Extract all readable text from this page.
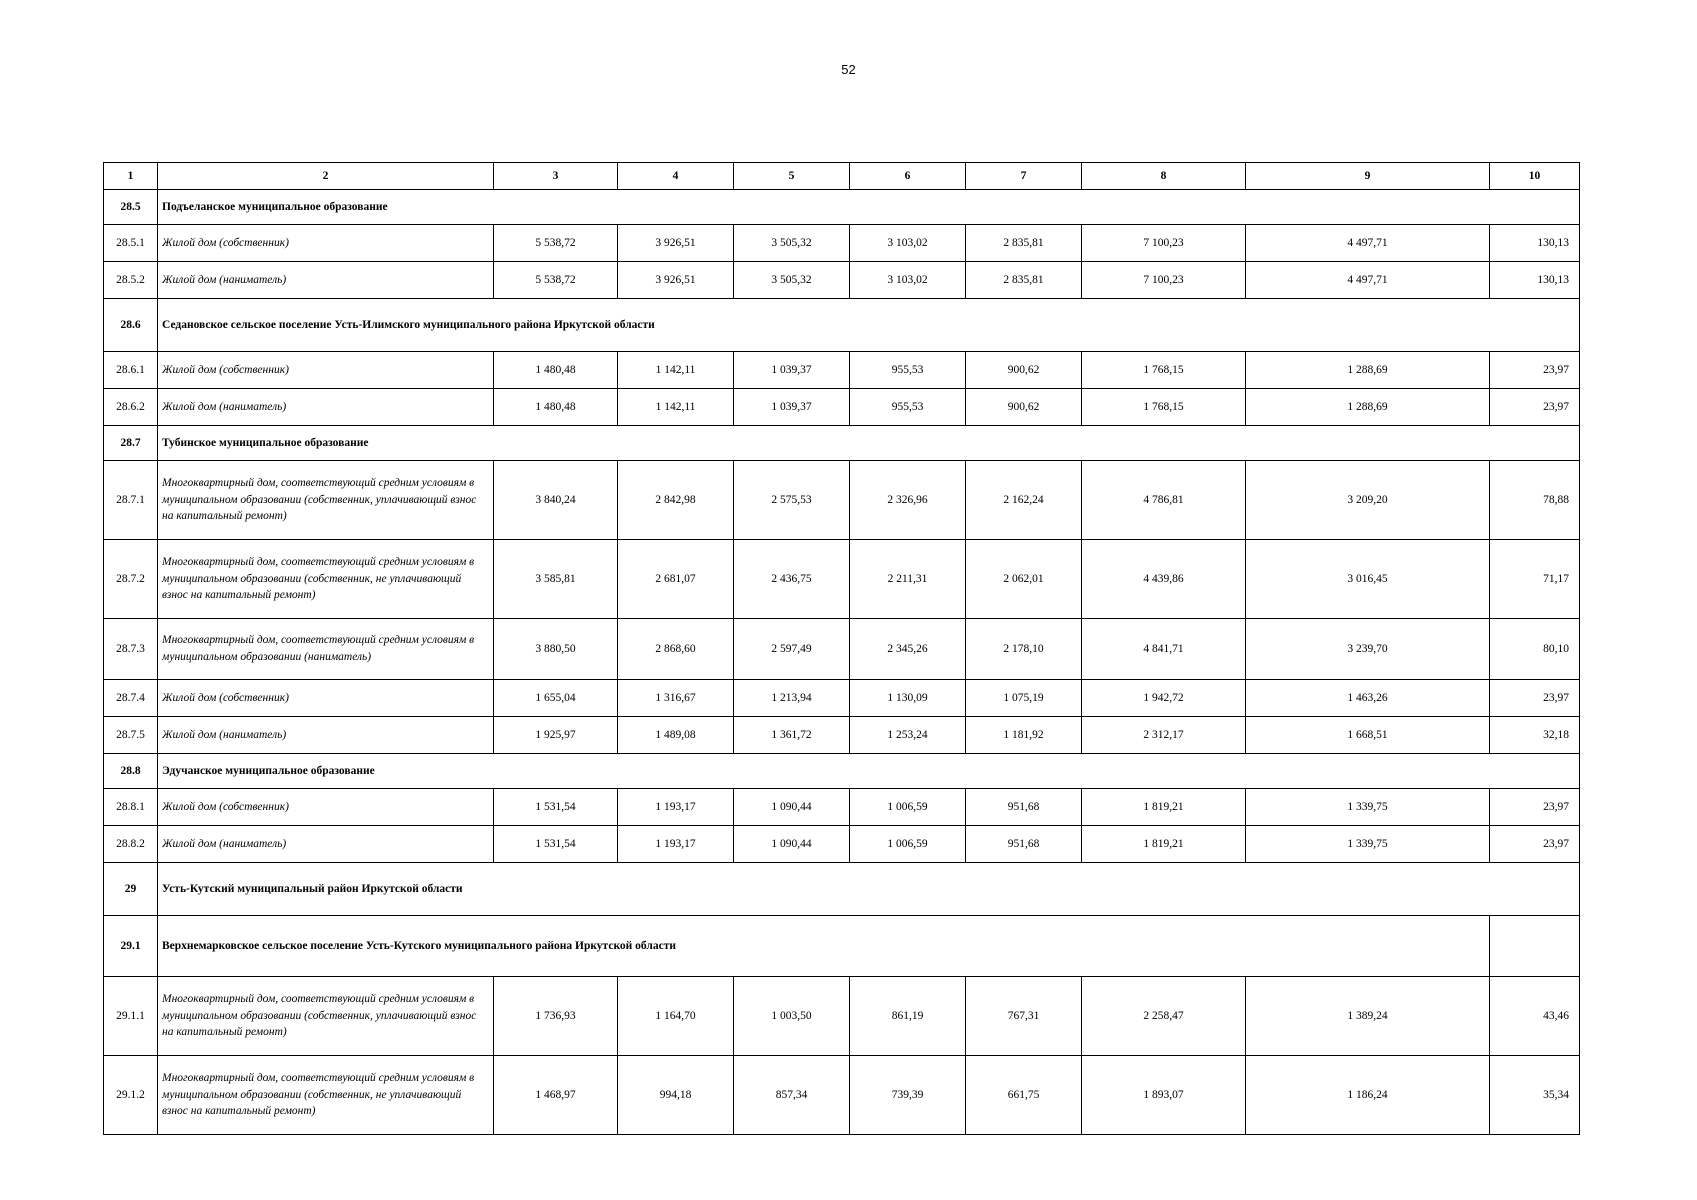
52
1	2	3	4	5	6	7	8	9	10
28.5	Подъеланское муниципальное образование								
28.5.1	Жилой дом (собственник)	5 538,72	3 926,51	3 505,32	3 103,02	2 835,81	7 100,23	4 497,71	130,13
28.5.2	Жилой дом (наниматель)	5 538,72	3 926,51	3 505,32	3 103,02	2 835,81	7 100,23	4 497,71	130,13
28.6	Седановское сельское поселение Усть-Илимского муниципального района Иркутской области								
28.6.1	Жилой дом (собственник)	1 480,48	1 142,11	1 039,37	955,53	900,62	1 768,15	1 288,69	23,97
28.6.2	Жилой дом (наниматель)	1 480,48	1 142,11	1 039,37	955,53	900,62	1 768,15	1 288,69	23,97
28.7	Тубинское муниципальное образование								
28.7.1	Многоквартирный дом, соответствующий средним условиям в муниципальном образовании (собственник, уплачивающий взнос на капитальный ремонт)	3 840,24	2 842,98	2 575,53	2 326,96	2 162,24	4 786,81	3 209,20	78,88
28.7.2	Многоквартирный дом, соответствующий средним условиям в муниципальном образовании (собственник, не уплачивающий взнос на капитальный ремонт)	3 585,81	2 681,07	2 436,75	2 211,31	2 062,01	4 439,86	3 016,45	71,17
28.7.3	Многоквартирный дом, соответствующий средним условиям в муниципальном образовании (наниматель)	3 880,50	2 868,60	2 597,49	2 345,26	2 178,10	4 841,71	3 239,70	80,10
28.7.4	Жилой дом (собственник)	1 655,04	1 316,67	1 213,94	1 130,09	1 075,19	1 942,72	1 463,26	23,97
28.7.5	Жилой дом (наниматель)	1 925,97	1 489,08	1 361,72	1 253,24	1 181,92	2 312,17	1 668,51	32,18
28.8	Эдучанское муниципальное образование								
28.8.1	Жилой дом (собственник)	1 531,54	1 193,17	1 090,44	1 006,59	951,68	1 819,21	1 339,75	23,97
28.8.2	Жилой дом (наниматель)	1 531,54	1 193,17	1 090,44	1 006,59	951,68	1 819,21	1 339,75	23,97
29	Усть-Кутский муниципальный район Иркутской области								
29.1	Верхнемарковское сельское поселение Усть-Кутского муниципального района Иркутской области								
29.1.1	Многоквартирный дом, соответствующий средним условиям в муниципальном образовании (собственник, уплачивающий взнос на капитальный ремонт)	1 736,93	1 164,70	1 003,50	861,19	767,31	2 258,47	1 389,24	43,46
29.1.2	Многоквартирный дом, соответствующий средним условиям в муниципальном образовании (собственник, не уплачивающий взнос на капитальный ремонт)	1 468,97	994,18	857,34	739,39	661,75	1 893,07	1 186,24	35,34
